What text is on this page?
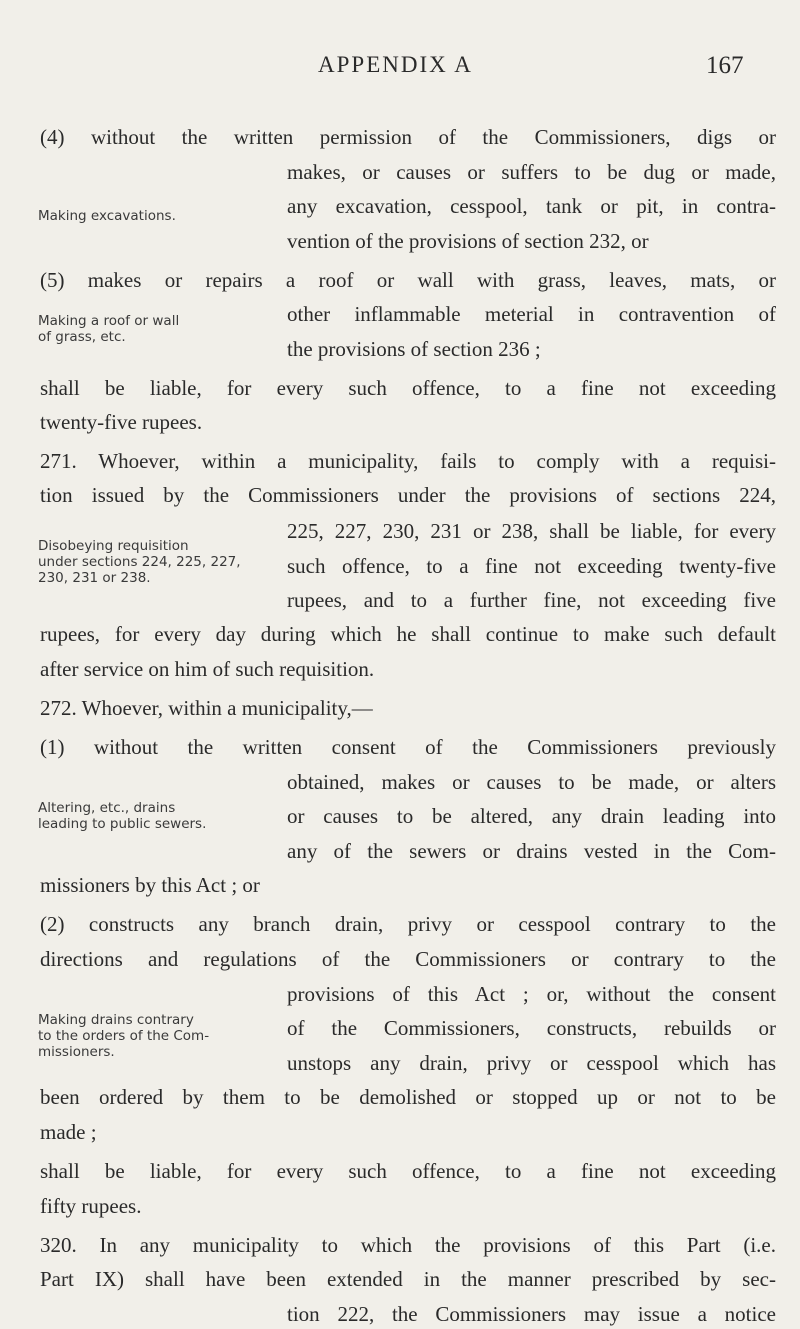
APPENDIX A	167
(4) without the written permission of the Commissioners, digs or
makes, or causes or suffers to be dug or made,
any excavation, cesspool, tank or pit, in contra-
vention of the provisions of section 232, or
(5) makes or repairs a roof or wall with grass, leaves, mats, or
other inflammable meterial in contravention of
the provisions of section 236 ;
shall be liable, for every such offence, to a fine not exceeding
twenty-five rupees.
271. Whoever, within a municipality, fails to comply with a requisi-
tion issued by the Commissioners under the provisions of sections 224,
225, 227, 230, 231 or 238, shall be liable, for every
such offence, to a fine not exceeding twenty-five
rupees, and to a further fine, not exceeding five
rupees, for every day during which he shall continue to make such default
after service on him of such requisition.
272. Whoever, within a municipality,—
(1) without the written consent of the Commissioners previously
obtained, makes or causes to be made, or alters
or causes to be altered, any drain leading into
any of the sewers or drains vested in the Com-
missioners by this Act ; or
(2) constructs any branch drain, privy or cesspool contrary to the
directions and regulations of the Commissioners or contrary to the
provisions of this Act ; or, without the consent
of the Commissioners, constructs, rebuilds or
unstops any drain, privy or cesspool which has
been ordered by them to be demolished or stopped up or not to be
made ;
shall be liable, for every such offence, to a fine not exceeding
fifty rupees.
320. In any municipality to which the provisions of this Part (i.e.
Part IX) shall have been extended in the manner prescribed by sec-
tion 222, the Commissioners may issue a notice
Making excavations.
Making a roof or wall
of grass, etc.
Disobeying requisition
under sections 224, 225, 227,
230, 231 or 238.
Altering, etc., drains
leading to public sewers.
Making drains contrary
to the orders of the Com-
missioners.
